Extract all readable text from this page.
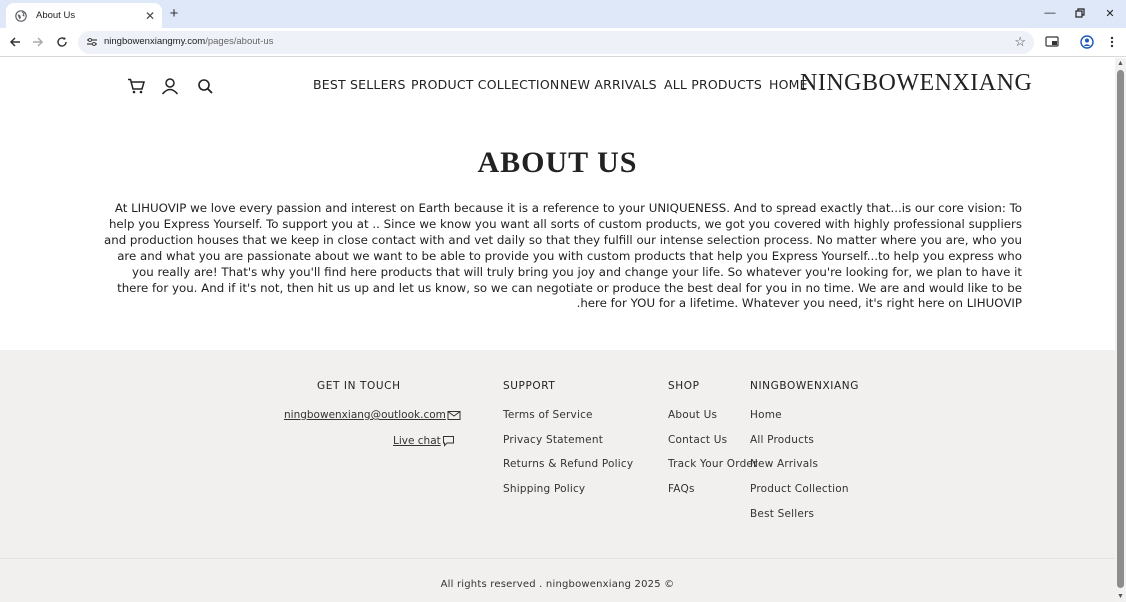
About Us	✕ +	—	✕
ningbowenxiangmy.com/pages/about-us	☆
BEST SELLERS PRODUCT COLLECTION NEW ARRIVALS ALL PRODUCTS HOME
NINGBOWENXIANG
ABOUT US

At LIHUOVIP we love every passion and interest on Earth because it is a reference to your UNIQUENESS. And to spread exactly that...is our core vision: To help you Express Yourself. To support you at .. Since we know you want all sorts of custom products, we got you covered with highly professional suppliers and production houses that we keep in close contact with and vet daily so that they fulfill our intense selection process. No matter where you are, who you are and what you are passionate about we want to be able to provide you with custom products that help you Express Yourself...to help you express who you really are! That's why you'll find here products that will truly bring you joy and change your life. So whatever you're looking for, we plan to have it there for you. And if it's not, then hit us up and let us know, so we can negotiate or produce the best deal for you in no time. We are and would like to be here for YOU for a lifetime. Whatever you need, it's right here on LIHUOVIP.

GET IN TOUCH
ningbowenxiang@outlook.com
Live chat
SUPPORT
Terms of Service
Privacy Statement
Returns & Refund Policy
Shipping Policy
SHOP
About Us
Contact Us
Track Your Order
FAQs
NINGBOWENXIANG
Home
All Products
New Arrivals
Product Collection
Best Sellers
All rights reserved . ningbowenxiang 2025 ©
▲
▼
